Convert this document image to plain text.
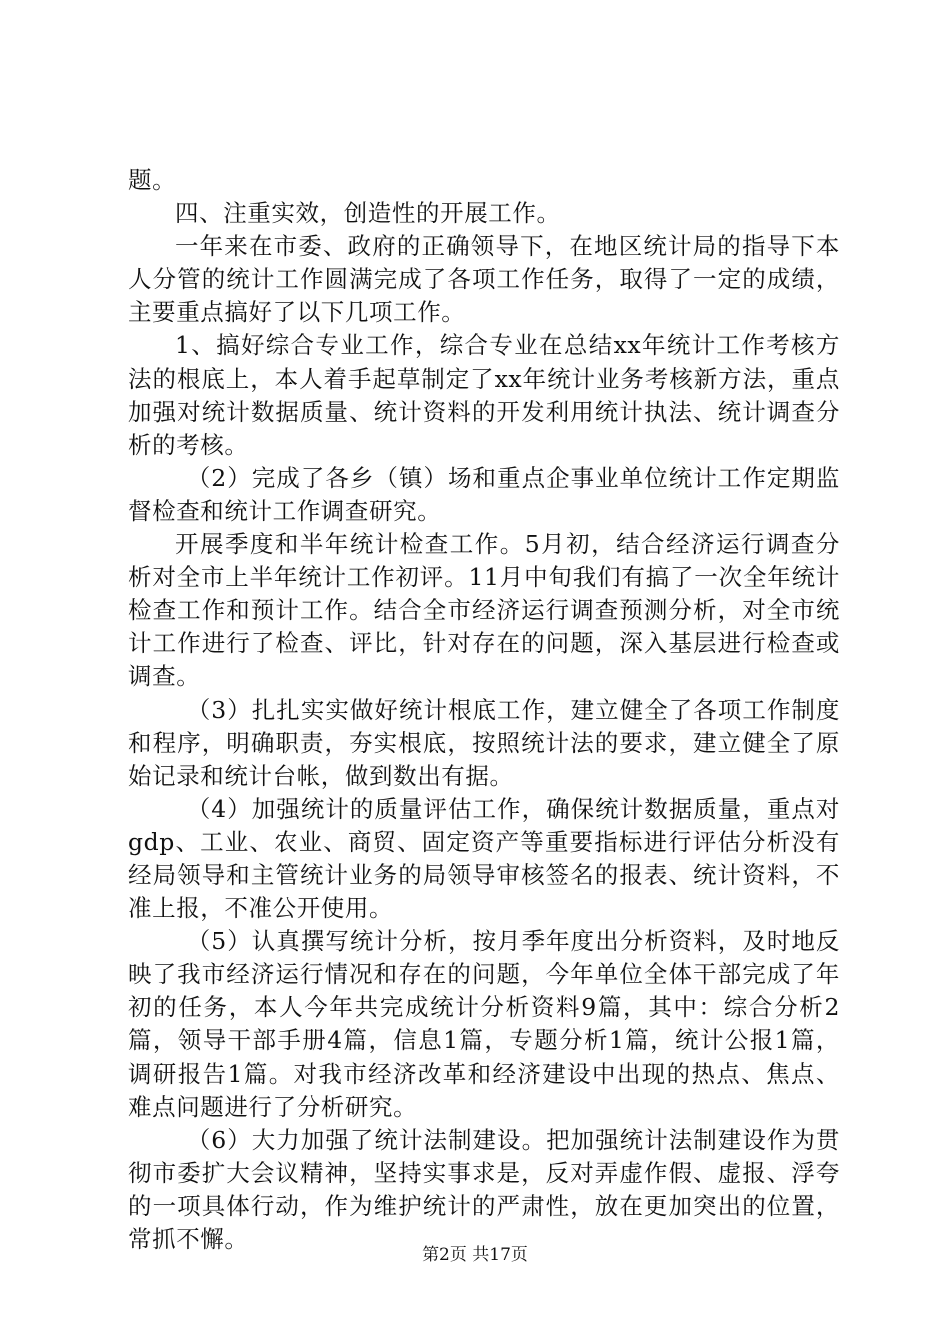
题。

四、注重实效，创造性的开展工作。

一年来在市委、政府的正确领导下，在地区统计局的指导下本人分管的统计工作圆满完成了各项工作任务，取得了一定的成绩，主要重点搞好了以下几项工作。

1、搞好综合专业工作，综合专业在总结xx年统计工作考核方法的根底上，本人着手起草制定了xx年统计业务考核新方法，重点加强对统计数据质量、统计资料的开发利用统计执法、统计调查分析的考核。

（2）完成了各乡（镇）场和重点企事业单位统计工作定期监督检查和统计工作调查研究。

开展季度和半年统计检查工作。5月初，结合经济运行调查分析对全市上半年统计工作初评。11月中旬我们有搞了一次全年统计检查工作和预计工作。结合全市经济运行调查预测分析，对全市统计工作进行了检查、评比，针对存在的问题，深入基层进行检查或调查。

（3）扎扎实实做好统计根底工作，建立健全了各项工作制度和程序，明确职责，夯实根底，按照统计法的要求，建立健全了原始记录和统计台帐，做到数出有据。

（4）加强统计的质量评估工作，确保统计数据质量，重点对gdp、工业、农业、商贸、固定资产等重要指标进行评估分析没有经局领导和主管统计业务的局领导审核签名的报表、统计资料，不准上报，不准公开使用。

（5）认真撰写统计分析，按月季年度出分析资料，及时地反映了我市经济运行情况和存在的问题，今年单位全体干部完成了年初的任务，本人今年共完成统计分析资料9篇，其中：综合分析2篇，领导干部手册4篇，信息1篇，专题分析1篇，统计公报1篇，调研报告1篇。对我市经济改革和经济建设中出现的热点、焦点、难点问题进行了分析研究。

（6）大力加强了统计法制建设。把加强统计法制建设作为贯彻市委扩大会议精神，坚持实事求是，反对弄虚作假、虚报、浮夸的一项具体行动，作为维护统计的严肃性，放在更加突出的位置，常抓不懈。

第2页 共17页
